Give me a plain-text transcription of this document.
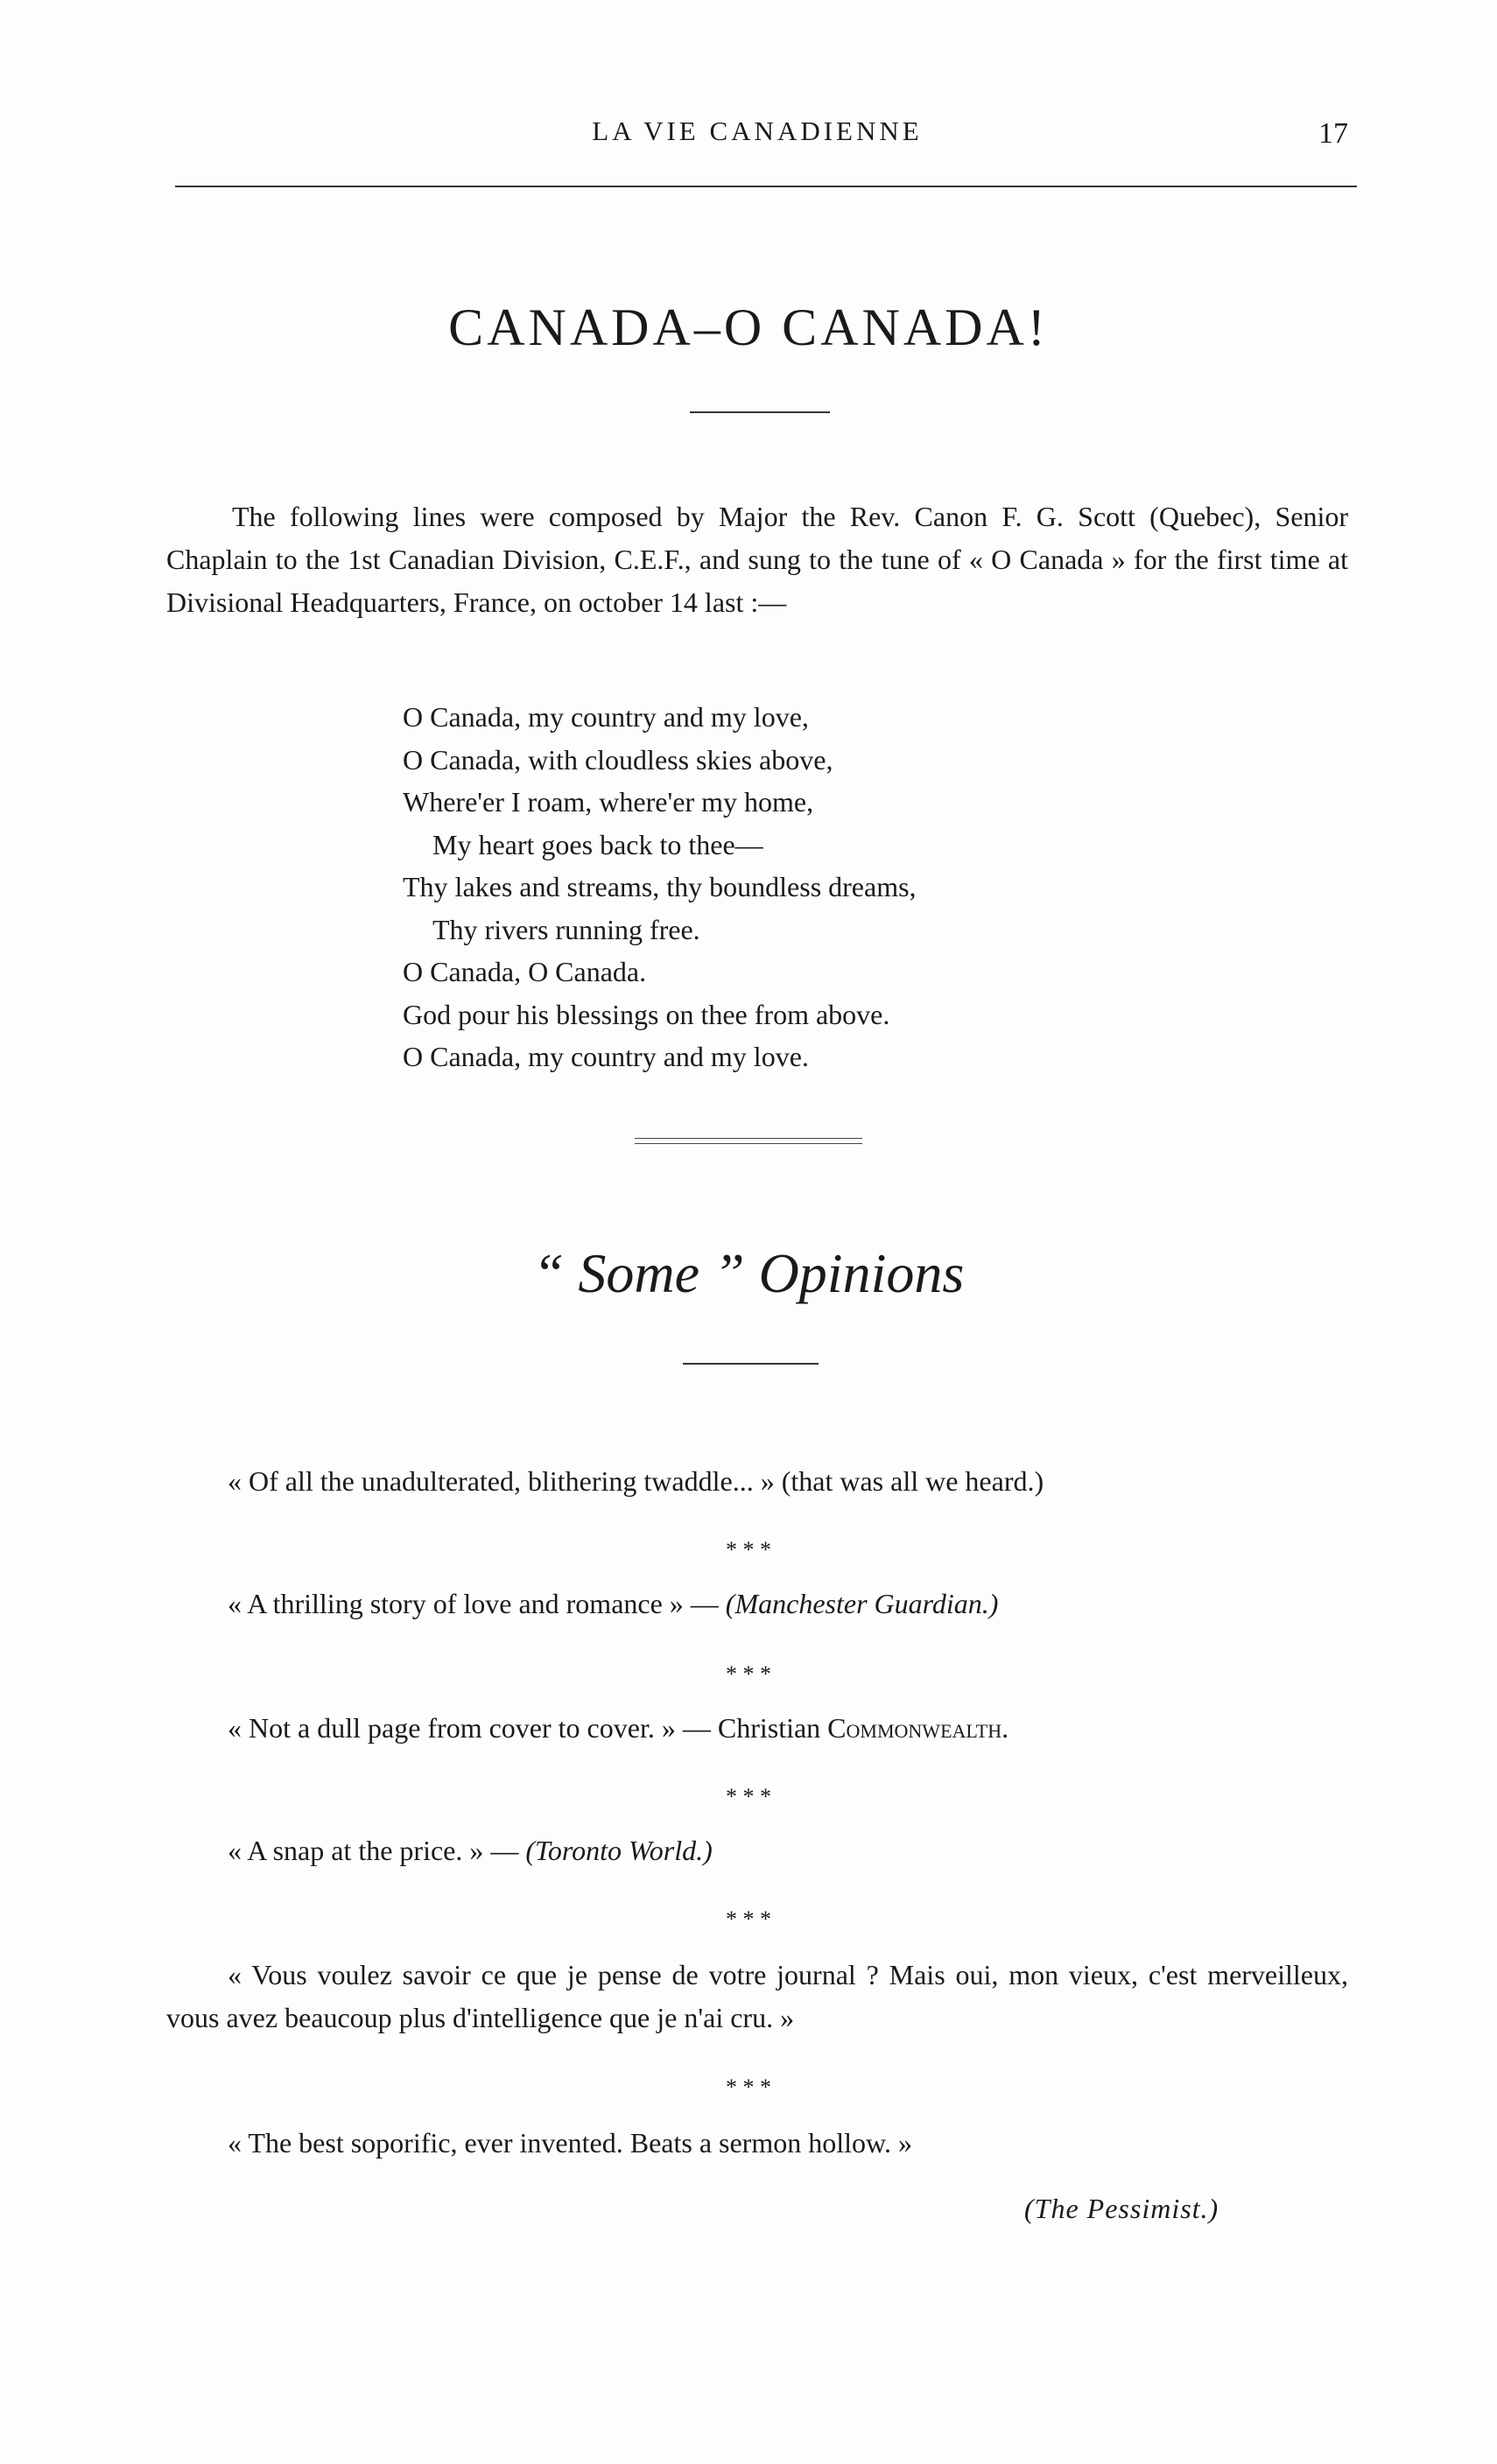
LA VIE CANADIENNE	17
CANADA–O CANADA!

The following lines were composed by Major the Rev. Canon F. G. Scott (Quebec), Senior Chaplain to the 1st Canadian Division, C.E.F., and sung to the tune of « O Canada » for the first time at Divisional Headquarters, France, on october 14 last :—

O Canada, my country and my love,
O Canada, with cloudless skies above,
Where'er I roam, where'er my home,
My heart goes back to thee—
Thy lakes and streams, thy boundless dreams,
Thy rivers running free.
O Canada, O Canada.
God pour his blessings on thee from above.
O Canada, my country and my love.
“ Some ” Opinions

« Of all the unadulterated, blithering twaddle... » (that was all we heard.)

* * *

« A thrilling story of love and romance » — (Manchester Guardian.)

* * *

« Not a dull page from cover to cover. » — Christian Commonwealth.

* * *

« A snap at the price. » — (Toronto World.)

* * *

« Vous voulez savoir ce que je pense de votre journal ? Mais oui, mon vieux, c'est merveilleux, vous avez beaucoup plus d'intelligence que je n'ai cru. »

* * *

« The best soporific, ever invented. Beats a sermon hollow. »

(The Pessimist.)
